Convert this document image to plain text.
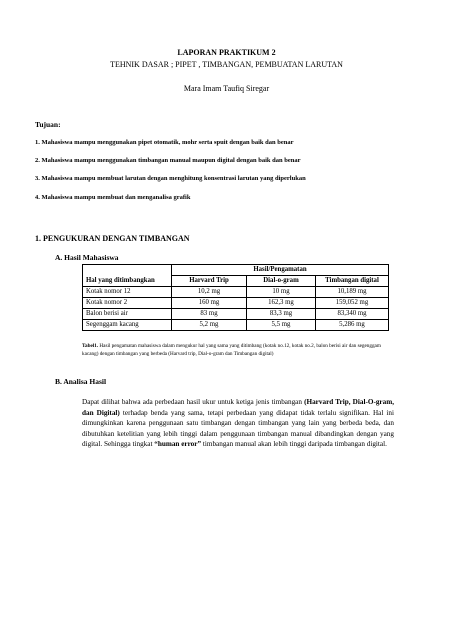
LAPORAN PRAKTIKUM 2
TEHNIK DASAR ; PIPET , TIMBANGAN, PEMBUATAN LARUTAN
Mara Imam Taufiq Siregar
Tujuan:
1. Mahasiswa mampu menggunakan pipet otomatik, mohr serta spuit dengan baik dan benar
2. Mahasiswa mampu menggunakan timbangan manual maupun digital dengan baik dan benar
3. Mahasiswa mampu membuat larutan dengan menghitung konsentrasi larutan yang diperlukan
4. Mahasiswa mampu membuat dan menganalisa grafik
1. PENGUKURAN DENGAN TIMBANGAN
A. Hasil Mahasiswa
	Hasil/Pengamatan		
Hal yang ditimbangkan	Harvard Trip	Dial-o-gram	Timbangan digital
Kotak nomor 12	10,2 mg	10 mg	10,189 mg
Kotak nomor 2	160 mg	162,3 mg	159,052 mg
Balon berisi air	83 mg	83,3 mg	83,340 mg
Segenggam kacang	5,2 mg	5,5 mg	5,286 mg
Tabel1. Hasil pengamatan mahasiswa dalam mengukur hal yang sama yang ditimbang (kotak no.12, kotak no.2, balon berisi air dan segenggam kacang) dengan timbangan yang berbeda (Harvard trip, Dial-o-gram dan Timbangan digital)
B. Analisa Hasil
Dapat dilihat bahwa ada perbedaan hasil ukur untuk ketiga jenis timbangan (Harvard Trip, Dial-O-gram, dan Digital) terhadap benda yang sama, tetapi perbedaan yang didapat tidak terlalu signifikan. Hal ini dimungkinkan karena penggunaan satu timbangan dengan timbangan yang lain yang berbeda beda, dan dibutuhkan ketelitian yang lebih tinggi dalam penggunaan timbangan manual dibandingkan dengan yang digital. Sehingga tingkat “human error” timbangan manual akan lebih tinggi daripada timbangan digital.
